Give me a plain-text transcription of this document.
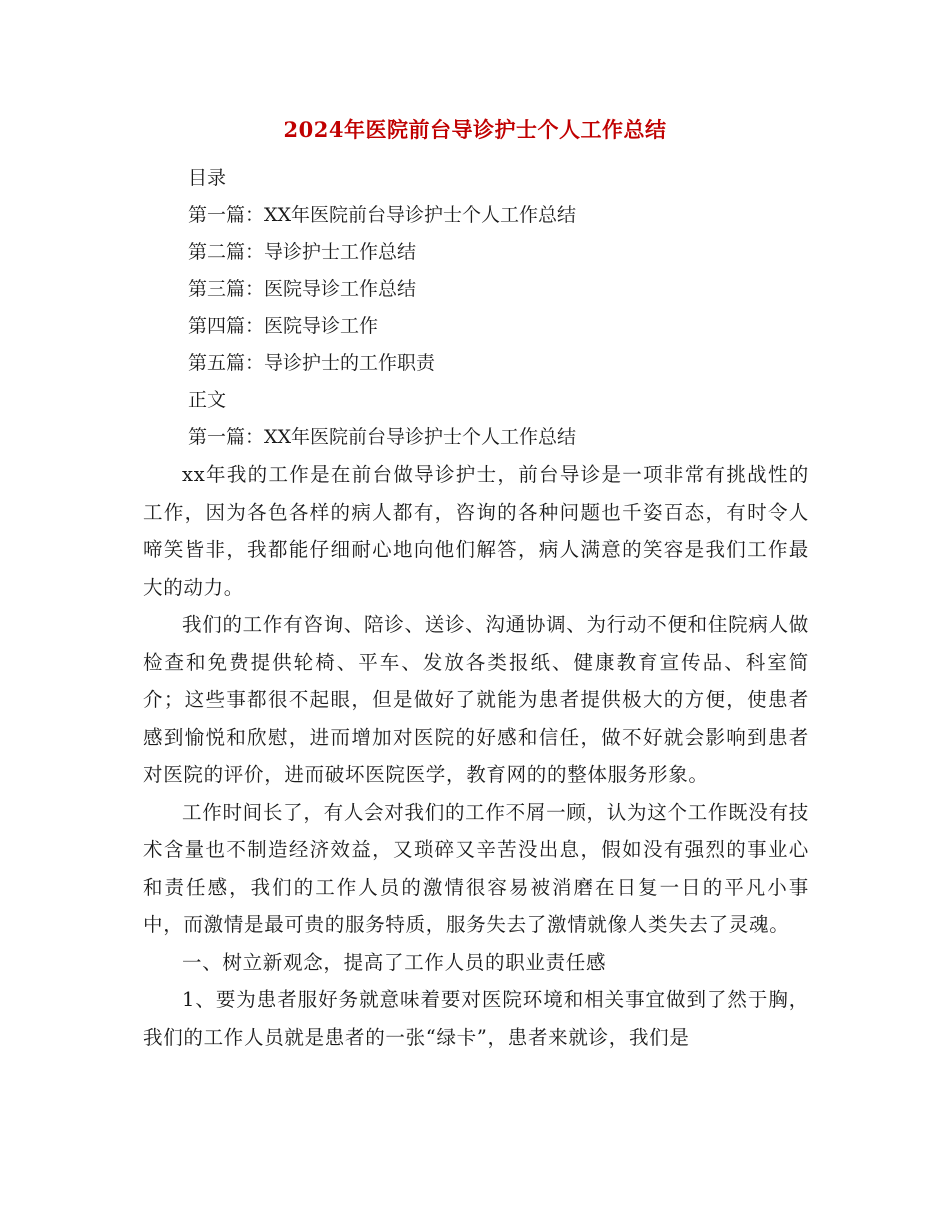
2024年医院前台导诊护士个人工作总结
目录
第一篇：XX年医院前台导诊护士个人工作总结
第二篇：导诊护士工作总结
第三篇：医院导诊工作总结
第四篇：医院导诊工作
第五篇：导诊护士的工作职责
正文
第一篇：XX年医院前台导诊护士个人工作总结

xx年我的工作是在前台做导诊护士，前台导诊是一项非常有挑战性的工作，因为各色各样的病人都有，咨询的各种问题也千姿百态，有时令人啼笑皆非，我都能仔细耐心地向他们解答，病人满意的笑容是我们工作最大的动力。

我们的工作有咨询、陪诊、送诊、沟通协调、为行动不便和住院病人做检查和免费提供轮椅、平车、发放各类报纸、健康教育宣传品、科室简介；这些事都很不起眼，但是做好了就能为患者提供极大的方便，使患者感到愉悦和欣慰，进而增加对医院的好感和信任，做不好就会影响到患者对医院的评价，进而破坏医院医学，教育网的的整体服务形象。

工作时间长了，有人会对我们的工作不屑一顾，认为这个工作既没有技术含量也不制造经济效益，又琐碎又辛苦没出息，假如没有强烈的事业心和责任感，我们的工作人员的激情很容易被消磨在日复一日的平凡小事中，而激情是最可贵的服务特质，服务失去了激情就像人类失去了灵魂。

一、树立新观念，提高了工作人员的职业责任感

1、要为患者服好务就意味着要对医院环境和相关事宜做到了然于胸，我们的工作人员就是患者的一张“绿卡”，患者来就诊，我们是
